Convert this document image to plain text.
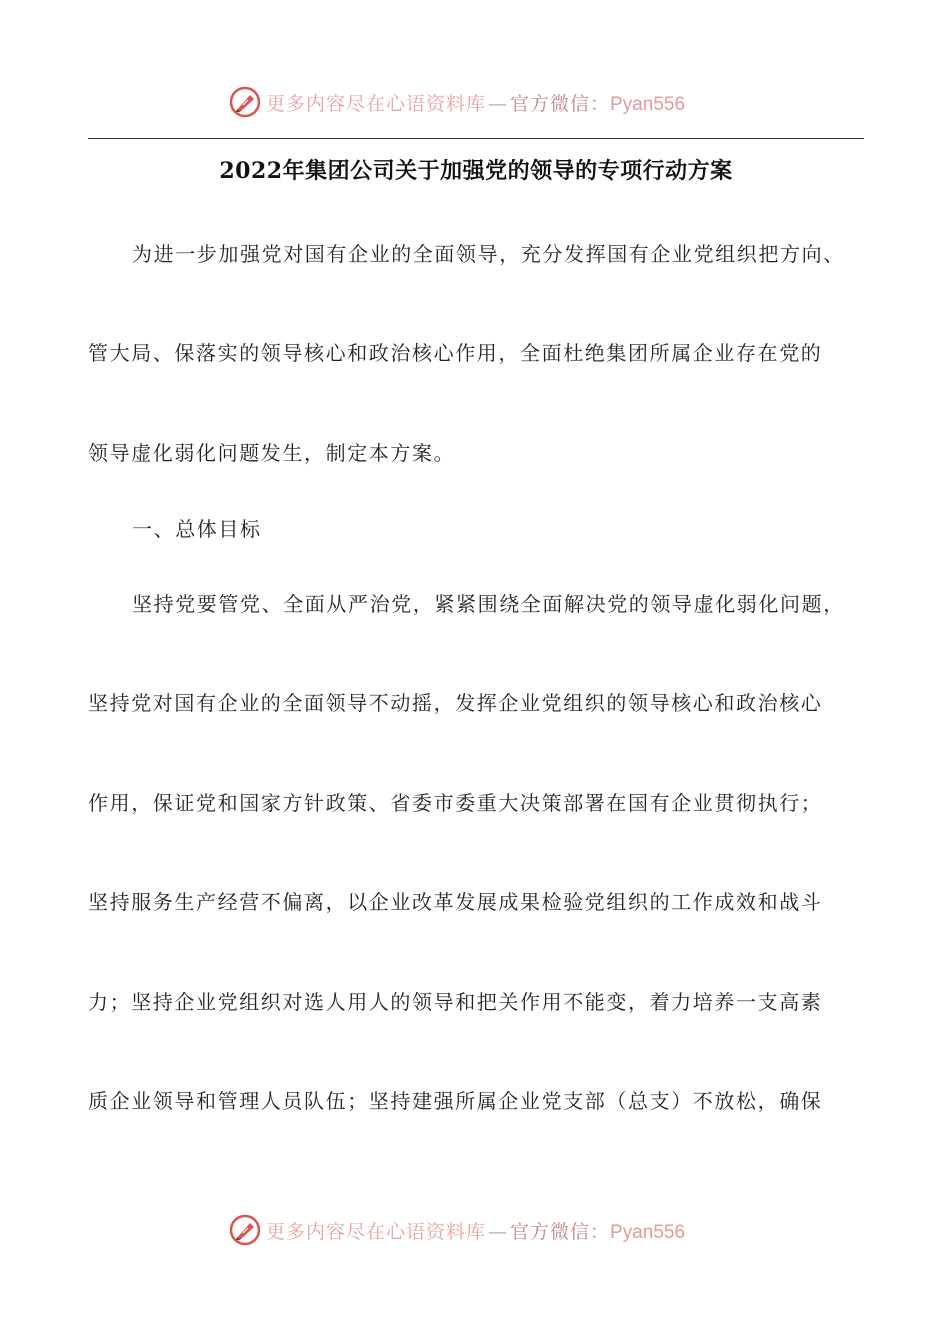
更多内容尽在心语资料库 — 官方微信：Pyan556
2022年集团公司关于加强党的领导的专项行动方案
为进一步加强党对国有企业的全面领导，充分发挥国有企业党组织把方向、
管大局、保落实的领导核心和政治核心作用，全面杜绝集团所属企业存在党的
领导虚化弱化问题发生，制定本方案。
一、总体目标
坚持党要管党、全面从严治党，紧紧围绕全面解决党的领导虚化弱化问题，
坚持党对国有企业的全面领导不动摇，发挥企业党组织的领导核心和政治核心
作用，保证党和国家方针政策、省委市委重大决策部署在国有企业贯彻执行；
坚持服务生产经营不偏离，以企业改革发展成果检验党组织的工作成效和战斗
力；坚持企业党组织对选人用人的领导和把关作用不能变，着力培养一支高素
质企业领导和管理人员队伍；坚持建强所属企业党支部（总支）不放松，确保
更多内容尽在心语资料库 — 官方微信：Pyan556
